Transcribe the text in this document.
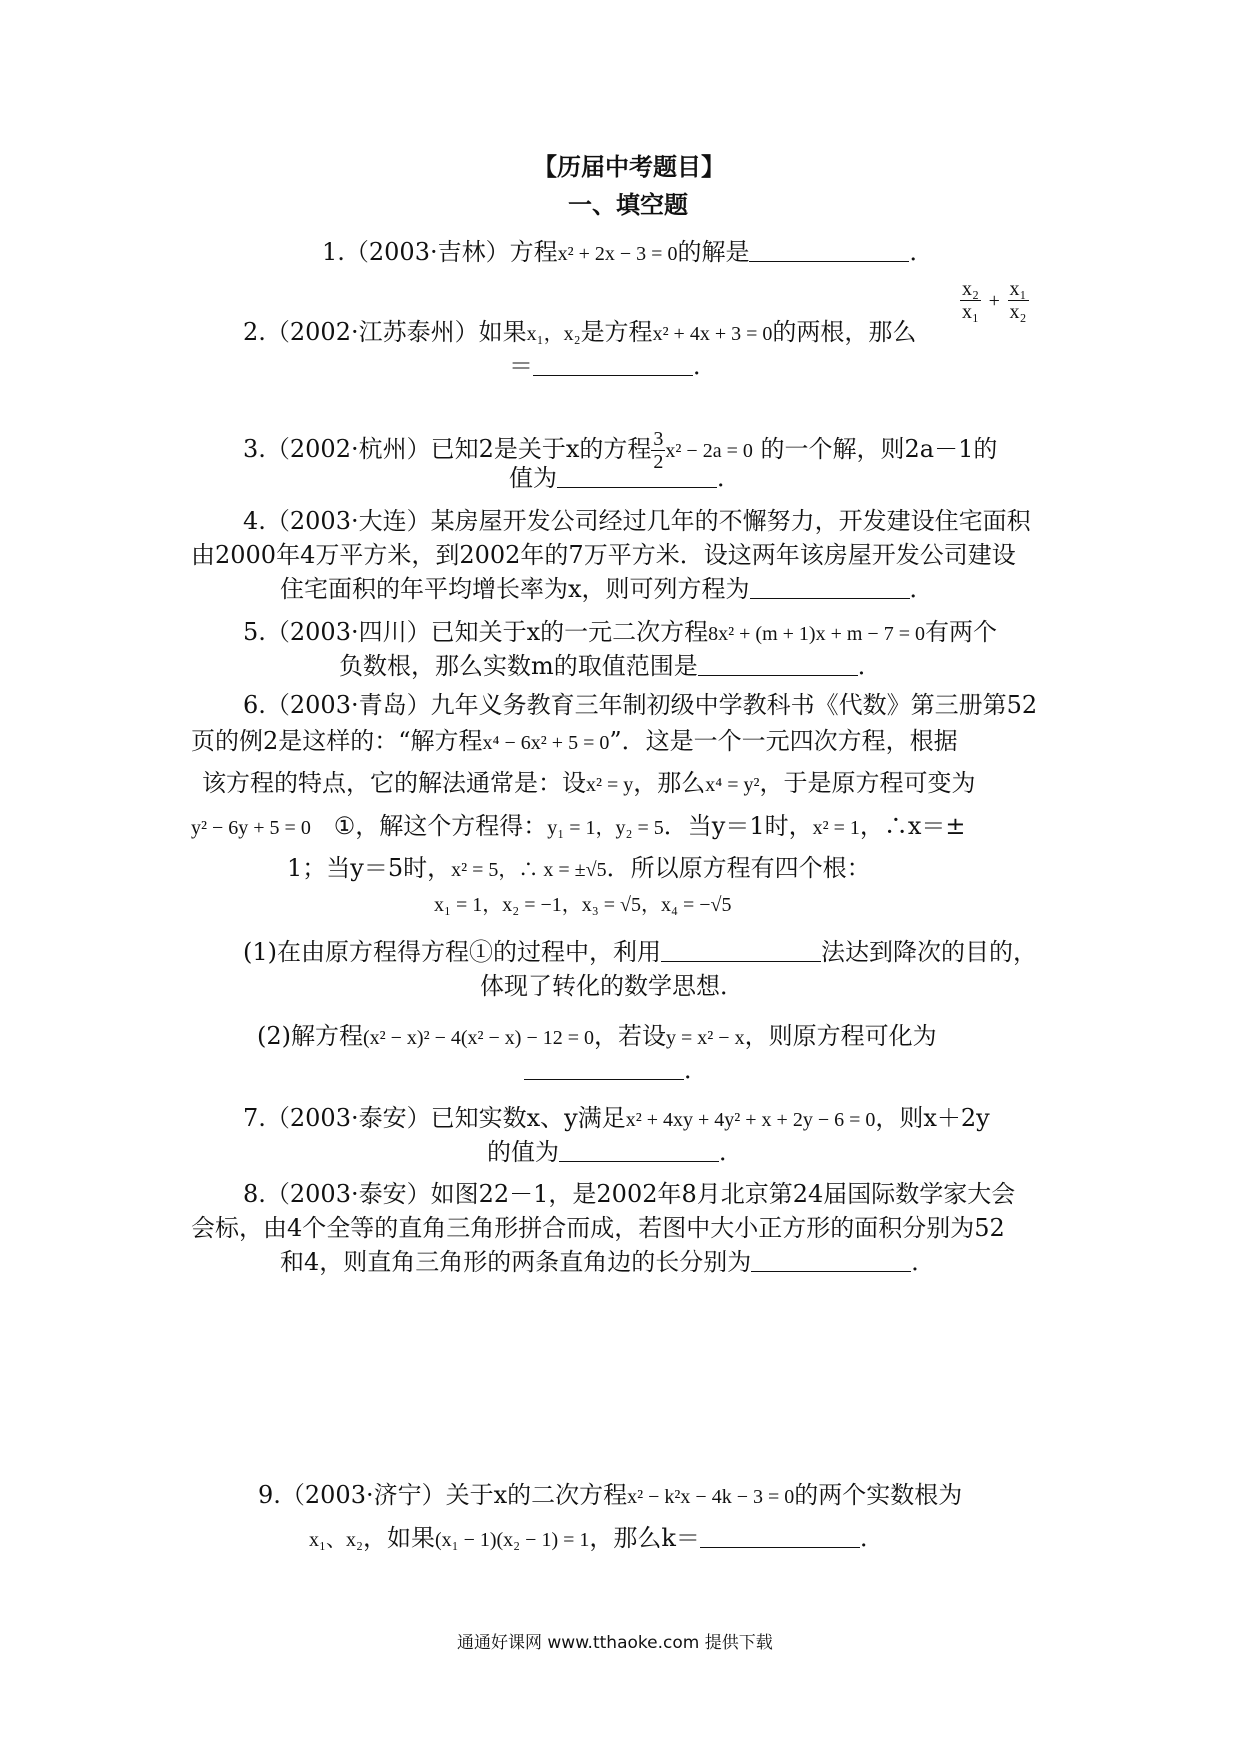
【历届中考题目】
一、填空题
1.（2003·吉林）方程x² + 2x − 3 = 0的解是	．
2.（2002·江苏泰州）如果x₁，x₂是方程x² + 4x + 3 = 0的两根，那么
$\frac{\text{x₂}}{\text{x₁}} + \frac{\text{x₁}}{\text{x₂}}$
＝	．
3.（2002·杭州）已知2是关于x的方程 $\frac{3}{2} x^2 - 2a = 0$ 的一个解，则2a－1的
值为	．
4.（2003·大连）某房屋开发公司经过几年的不懈努力，开发建设住宅面积
由2000年4万平方米，到2002年的7万平方米．设这两年该房屋开发公司建设
住宅面积的年平均增长率为x，则可列方程为	．
5.（2003·四川）已知关于x的一元二次方程8x² + (m + 1)x + m − 7 = 0有两个
负数根，那么实数m的取值范围是	．
6.（2003·青岛）九年义务教育三年制初级中学教科书《代数》第三册第52
页的例2是这样的：“解方程x⁴ − 6x² + 5 = 0”．这是一个一元四次方程，根据
该方程的特点，它的解法通常是：设x² = y，那么x⁴ = y²，于是原方程可变为
y² − 6y + 5 = 0 ①，解这个方程得：y₁ = 1，y₂ = 5．当y＝1时，x² = 1，∴x＝±
1；当y＝5时，x² = 5，∴ x = ±√5．所以原方程有四个根：
x₁ = 1，x₂ = −1，x₃ = √5，x₄ = −√5
(1)在由原方程得方程①的过程中，利用	法达到降次的目的，
体现了转化的数学思想．
(2)解方程(x² − x)² − 4(x² − x) − 12 = 0，若设y = x² − x，则原方程可化为
．
7.（2003·泰安）已知实数x、y满足x² + 4xy + 4y² + x + 2y − 6 = 0，则x＋2y
的值为	．
8.（2003·泰安）如图22－1，是2002年8月北京第24届国际数学家大会
会标，由4个全等的直角三角形拼合而成，若图中大小正方形的面积分别为52
和4，则直角三角形的两条直角边的长分别为	．
9.（2003·济宁）关于x的二次方程x² − k²x − 4k − 3 = 0的两个实数根为
x₁、x₂，如果(x₁ − 1)(x₂ − 1) = 1，那么k＝	．
通通好课网 www.tthaoke.com 提供下载
